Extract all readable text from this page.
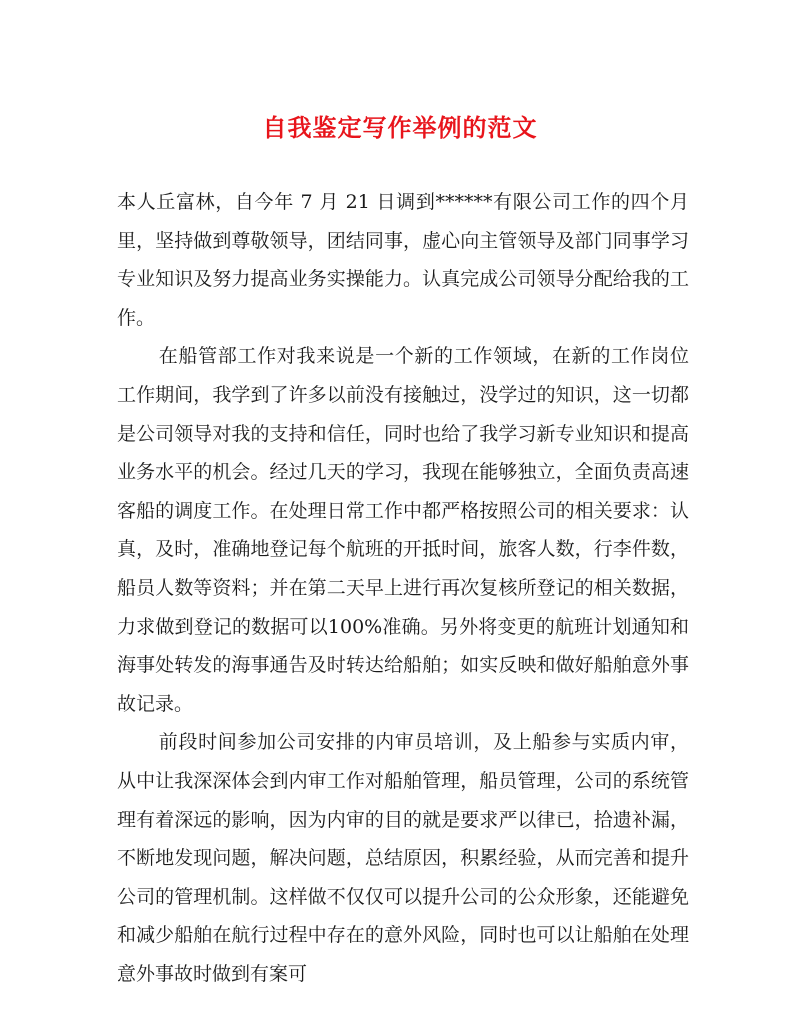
自我鉴定写作举例的范文

本人丘富林，自今年 7 月 21 日调到******有限公司工作的四个月里，坚持做到尊敬领导，团结同事，虚心向主管领导及部门同事学习专业知识及努力提高业务实操能力。认真完成公司领导分配给我的工作。

在船管部工作对我来说是一个新的工作领域，在新的工作岗位工作期间，我学到了许多以前没有接触过，没学过的知识，这一切都是公司领导对我的支持和信任，同时也给了我学习新专业知识和提高业务水平的机会。经过几天的学习，我现在能够独立，全面负责高速客船的调度工作。在处理日常工作中都严格按照公司的相关要求：认真，及时，准确地登记每个航班的开抵时间，旅客人数，行李件数，船员人数等资料；并在第二天早上进行再次复核所登记的相关数据，力求做到登记的数据可以100%准确。另外将变更的航班计划通知和海事处转发的海事通告及时转达给船舶；如实反映和做好船舶意外事故记录。

前段时间参加公司安排的内审员培训，及上船参与实质内审，从中让我深深体会到内审工作对船舶管理，船员管理，公司的系统管理有着深远的影响，因为内审的目的就是要求严以律已，拾遗补漏，不断地发现问题，解决问题，总结原因，积累经验，从而完善和提升公司的管理机制。这样做不仅仅可以提升公司的公众形象，还能避免和减少船舶在航行过程中存在的意外风险，同时也可以让船舶在处理意外事故时做到有案可
